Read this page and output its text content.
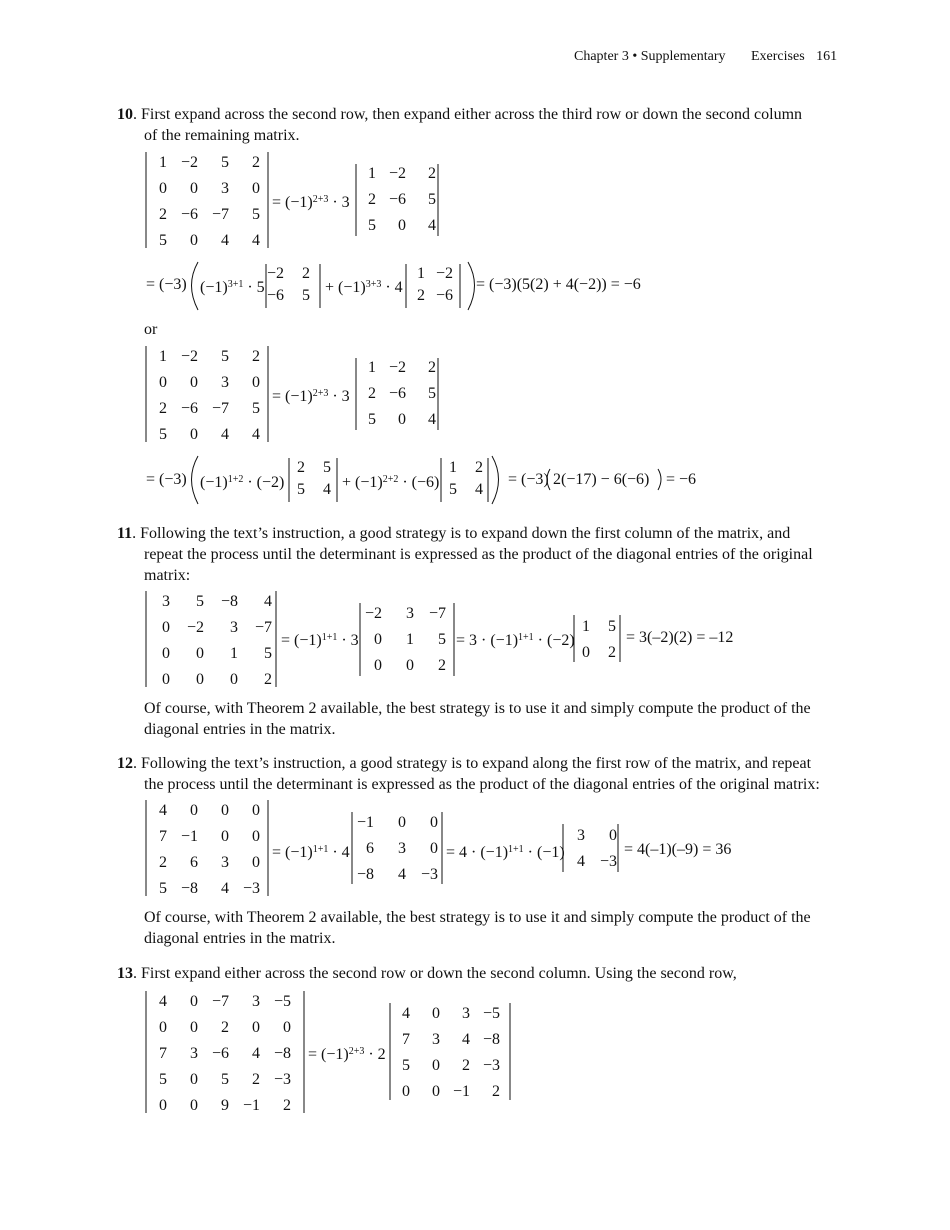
Chapter 3 • Supplementary Exercises 161
10. First expand across the second row, then expand either across the third row or down the second column
of the remaining matrix.
1 −2	5	2
0	0	3	0
2 −6 −7	5
5	0	4	4
= $(-1)^{2+3} \cdot 3$
1 −2	2
2 −6	5
5	0	4
= (−3) $(-1)^{3+1} \cdot 5$
−2	2
−6	$5 + (-1)^{3+3} \cdot 4$
1 −2
2 −6
= (−3)(5(2) + 4(−2)) = −6
or
1 −2	5	2
0	0	3	0
2 −6 −7	5
5	0	4	4
= $(-1)^{2+3} \cdot 3$
1 −2	2
2 −6	5
5	0	4
= (−3) $(-1)^{1+2} \cdot (-2)$
2	5
5	$4 + (-1)^{2+2} \cdot (-6)$
1	2
5	4
= (−3) 2(−17) − 6(−6) = −6
11. Following the text’s instruction, a good strategy is to expand down the first column of the matrix, and
repeat the process until the determinant is expressed as the product of the diagonal entries of the original
matrix:
3	5	−8	4
0	−2	3	−7
0	0	1	5
0	0	0	2
= $(-1)^{1+1} \cdot 3$
−2	3 −7
0	1	5
0	0	2
= $3 \cdot (-1)^{1+1} \cdot (-2)$
1	5
0	2
= 3(–2)(2) = –12
Of course, with Theorem 2 available, the best strategy is to use it and simply compute the product of the
diagonal entries in the matrix.
12. Following the text’s instruction, a good strategy is to expand along the first row of the matrix, and repeat
the process until the determinant is expressed as the product of the diagonal entries of the original matrix:
4	0	0	0
7 −1	0	0
2	6	3	0
5 −8	4 −3
= $(-1)^{1+1} \cdot 4$
−1	0	0
6	3	0
−8	4 −3
= $4 \cdot (-1)^{1+1} \cdot (-1)$
3	0
4 −3
= 4(–1)(–9) = 36
Of course, with Theorem 2 available, the best strategy is to use it and simply compute the product of the
diagonal entries in the matrix.
13. First expand either across the second row or down the second column. Using the second row,
4	0 −7	3 −5
0	0	2	0	0
7	3 −6	4 −8
5	0	5	2 −3
0	0	9 −1	2
= $(-1)^{2+3} \cdot 2$
4	0	3 −5
7	3	4 −8
5	0	2 −3
0	0 −1	2
